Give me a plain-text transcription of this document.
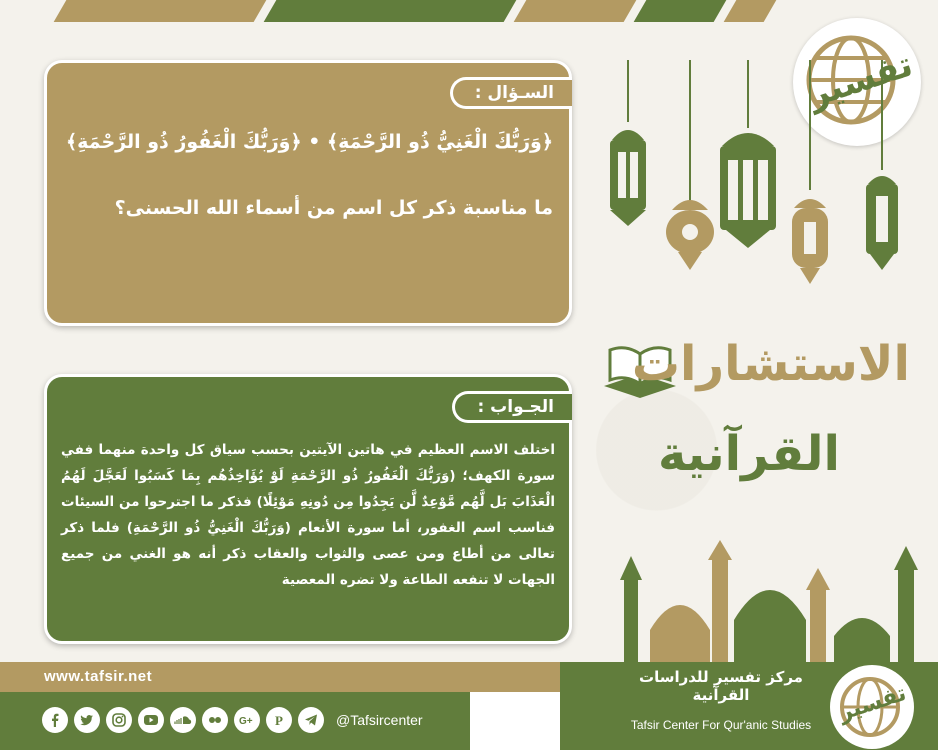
تفسير
الاستشارات
القرآنية
السـؤال :
﴿وَرَبُّكَ الْغَنِيُّ ذُو الرَّحْمَةِ﴾ • ﴿وَرَبُّكَ الْغَفُورُ ذُو الرَّحْمَةِ﴾
ما مناسبة ذكر كل اسم من أسماء الله الحسنى؟
الجـواب :
اختلف الاسم العظيم في هاتين الآيتين بحسب سياق كل واحدة منهما ففي سورة الكهف؛ (وَرَبُّكَ الْغَفُورُ ذُو الرَّحْمَةِ لَوْ يُؤَاخِذُهُم بِمَا كَسَبُوا لَعَجَّلَ لَهُمُ الْعَذَابَ بَل لَّهُم مَّوْعِدٌ لَّن يَجِدُوا مِن دُونِهِ مَوْئِلًا) فذكر ما اجترحوا من السيئات فناسب اسم الغفور، أما سورة الأنعام (وَرَبُّكَ الْغَنِيُّ ذُو الرَّحْمَةِ) فلما ذكر تعالى من أطاع ومن عصى والثواب والعقاب ذكر أنه هو الغني من جميع الجهات لا تنفعه الطاعة ولا تضره المعصية
www.tafsir.net
G+ P	@Tafsircenter
مركز تفسير للدراسات القرآنية
Tafsir Center For Qur'anic Studies	تفسير
